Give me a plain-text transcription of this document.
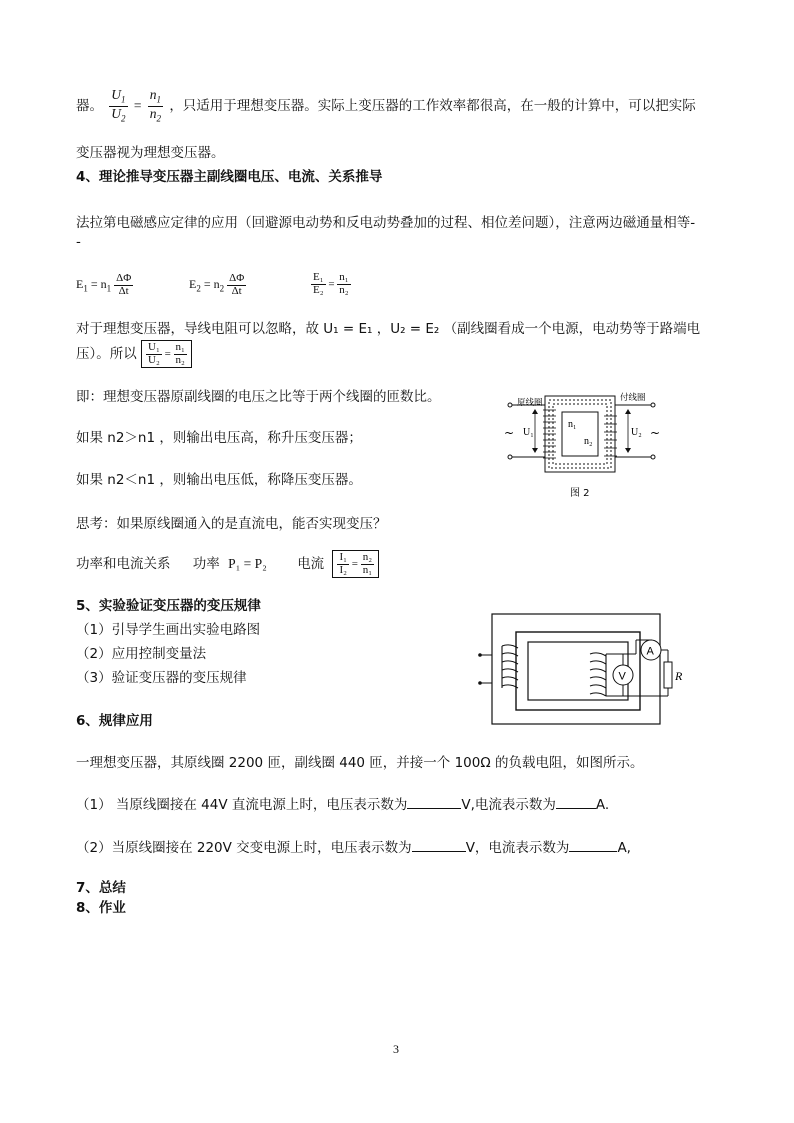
器。 $\frac{U_1}{U_2} = \frac{n_1}{n_2}$ ，只适用于理想变压器。实际上变压器的工作效率都很高，在一般的计算中，可以把实际
变压器视为理想变压器。
4、理论推导变压器主副线圈电压、电流、关系推导
法拉第电磁感应定律的应用（回避源电动势和反电动势叠加的过程、相位差问题），注意两边磁通量相等-
-
$E_1 = n_1 \frac{\Delta\Phi}{\Delta t}$	$E_2 = n_2 \frac{\Delta\Phi}{\Delta t}$	$\frac{\text{E₁}}{\text{E₂}} = \frac{\text{n₁}}{\text{n₂}}$
对于理想变压器，导线电阻可以忽略，故 U₁ = E₁ ，U₂ = E₂ （副线圈看成一个电源，电动势等于路端电
压）。所以 $\frac{\text{U₁}}{\text{U₂}} = \frac{\text{n₁}}{\text{n₂}}$
即：理想变压器原副线圈的电压之比等于两个线圈的匝数比。
如果 n2＞n1 ，则输出电压高，称升压变压器；
如果 n2＜n1 ，则输出电压低，称降压变压器。
思考：如果原线圈通入的是直流电，能否实现变压？
功率和电流关系 功率 P₁ = P₂ 电流 $\frac{\text{I₁}}{\text{I₂}} = \frac{\text{n₂}}{\text{n₁}}$
原线圈	付线圈
~	~
U₁	U₂
n₁
n₂
图 2
5、实验验证变压器的变压规律
（1）引导学生画出实验电路图
（2）应用控制变量法
（3）验证变压器的变压规律	V
A
R
6、规律应用
一理想变压器，其原线圈 2200 匝，副线圈 440 匝，并接一个 100Ω 的负载电阻，如图所示。
（1） 当原线圈接在 44V 直流电源上时，电压表示数为	V,电流表示数为	A.
（2）当原线圈接在 220V 交变电源上时，电压表示数为	V，电流表示数为	A,
7、总结
8、作业
3
